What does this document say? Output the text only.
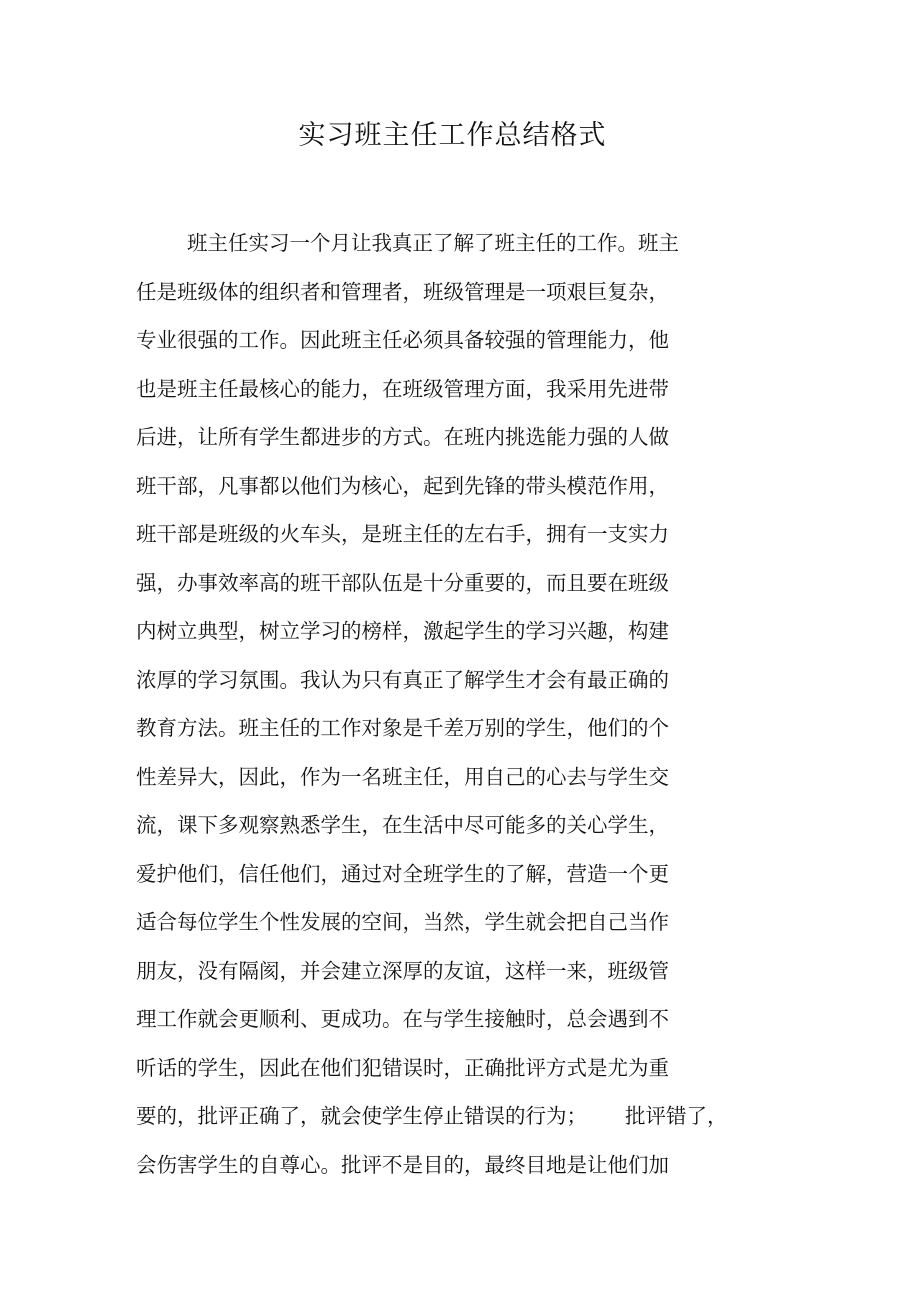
实习班主任工作总结格式
班主任实习一个月让我真正了解了班主任的工作。班主
任是班级体的组织者和管理者，班级管理是一项艰巨复杂，
专业很强的工作。因此班主任必须具备较强的管理能力，他
也是班主任最核心的能力，在班级管理方面，我采用先进带
后进，让所有学生都进步的方式。在班内挑选能力强的人做
班干部，凡事都以他们为核心，起到先锋的带头模范作用，
班干部是班级的火车头，是班主任的左右手，拥有一支实力
强，办事效率高的班干部队伍是十分重要的，而且要在班级
内树立典型，树立学习的榜样，激起学生的学习兴趣，构建
浓厚的学习氛围。我认为只有真正了解学生才会有最正确的
教育方法。班主任的工作对象是千差万别的学生，他们的个
性差异大，因此，作为一名班主任，用自己的心去与学生交
流，课下多观察熟悉学生，在生活中尽可能多的关心学生，
爱护他们，信任他们，通过对全班学生的了解，营造一个更
适合每位学生个性发展的空间，当然，学生就会把自己当作
朋友，没有隔阂，并会建立深厚的友谊，这样一来，班级管
理工作就会更顺利、更成功。在与学生接触时，总会遇到不
听话的学生，因此在他们犯错误时，正确批评方式是尤为重
要的，批评正确了，就会使学生停止错误的行为； 批评错了，
会伤害学生的自尊心。批评不是目的，最终目地是让他们加
